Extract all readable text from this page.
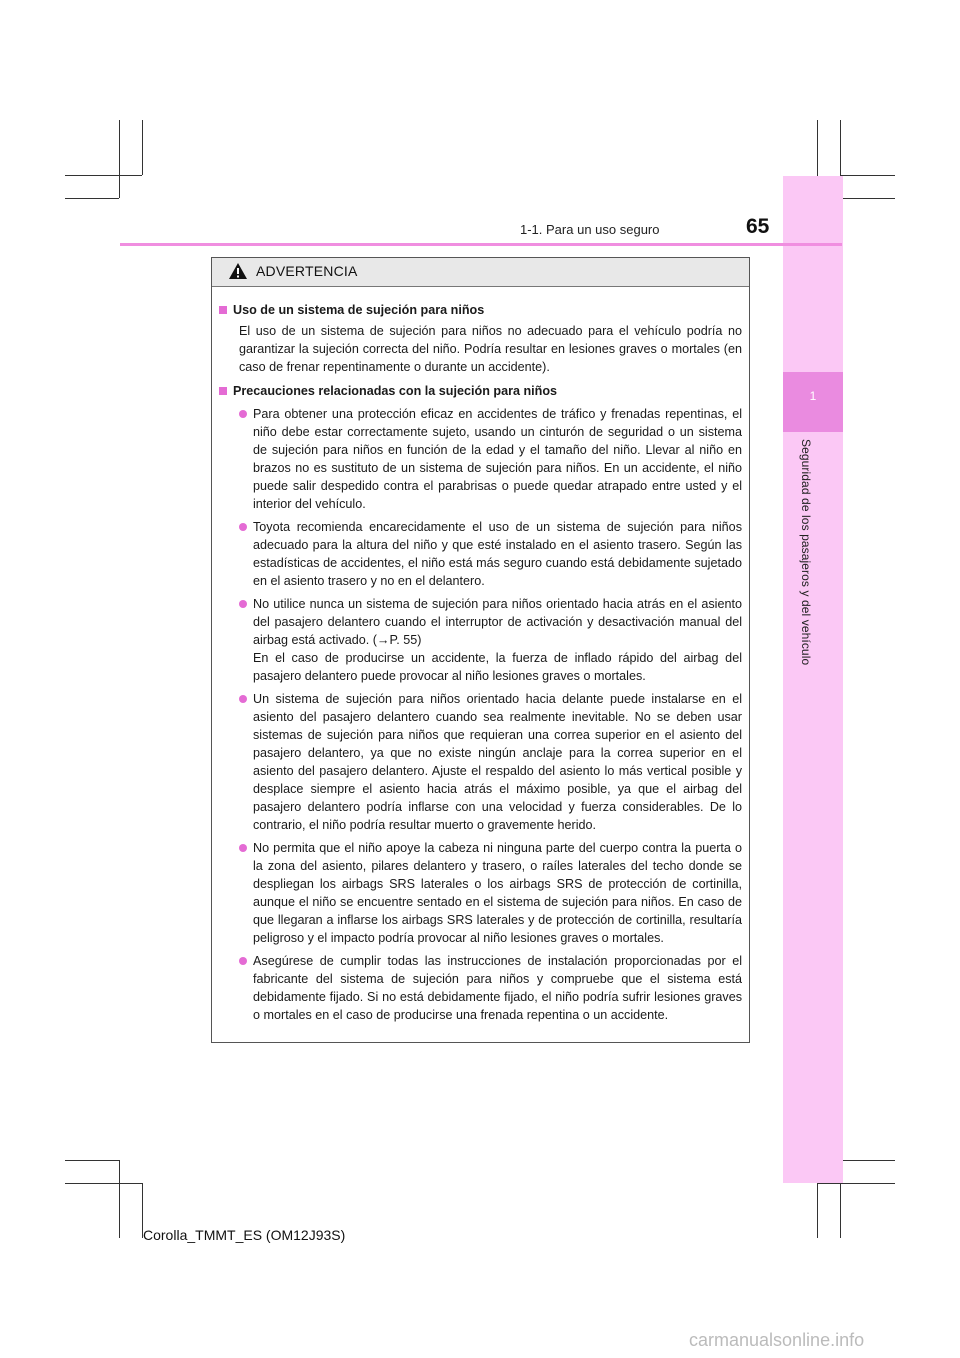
1
Seguridad de los pasajeros y del vehículo
1-1. Para un uso seguro	65
ADVERTENCIA
Uso de un sistema de sujeción para niños
El uso de un sistema de sujeción para niños no adecuado para el vehículo podría no garantizar la sujeción correcta del niño. Podría resultar en lesiones graves o mortales (en caso de frenar repentinamente o durante un accidente).
Precauciones relacionadas con la sujeción para niños
Para obtener una protección eficaz en accidentes de tráfico y frenadas repentinas, el niño debe estar correctamente sujeto, usando un cinturón de seguridad o un sistema de sujeción para niños en función de la edad y el tamaño del niño. Llevar al niño en brazos no es sustituto de un sistema de sujeción para niños. En un accidente, el niño puede salir despedido contra el parabrisas o puede quedar atrapado entre usted y el interior del vehículo.
Toyota recomienda encarecidamente el uso de un sistema de sujeción para niños adecuado para la altura del niño y que esté instalado en el asiento trasero. Según las estadísticas de accidentes, el niño está más seguro cuando está debidamente sujetado en el asiento trasero y no en el delantero.
No utilice nunca un sistema de sujeción para niños orientado hacia atrás en el asiento del pasajero delantero cuando el interruptor de activación y desactivación manual del airbag está activado. (→P. 55)
En el caso de producirse un accidente, la fuerza de inflado rápido del airbag del pasajero delantero puede provocar al niño lesiones graves o mortales.
Un sistema de sujeción para niños orientado hacia delante puede instalarse en el asiento del pasajero delantero cuando sea realmente inevitable. No se deben usar sistemas de sujeción para niños que requieran una correa superior en el asiento del pasajero delantero, ya que no existe ningún anclaje para la correa superior en el asiento del pasajero delantero. Ajuste el respaldo del asiento lo más vertical posible y desplace siempre el asiento hacia atrás el máximo posible, ya que el airbag del pasajero delantero podría inflarse con una velocidad y fuerza considerables. De lo contrario, el niño podría resultar muerto o gravemente herido.
No permita que el niño apoye la cabeza ni ninguna parte del cuerpo contra la puerta o la zona del asiento, pilares delantero y trasero, o raíles laterales del techo donde se despliegan los airbags SRS laterales o los airbags SRS de protección de cortinilla, aunque el niño se encuentre sentado en el sistema de sujeción para niños. En caso de que llegaran a inflarse los airbags SRS laterales y de protección de cortinilla, resultaría peligroso y el impacto podría provocar al niño lesiones graves o mortales.
Asegúrese de cumplir todas las instrucciones de instalación proporcionadas por el fabricante del sistema de sujeción para niños y compruebe que el sistema está debidamente fijado. Si no está debidamente fijado, el niño podría sufrir lesiones graves o mortales en el caso de producirse una frenada repentina o un accidente.
Corolla_TMMT_ES (OM12J93S)
carmanualsonline.info
